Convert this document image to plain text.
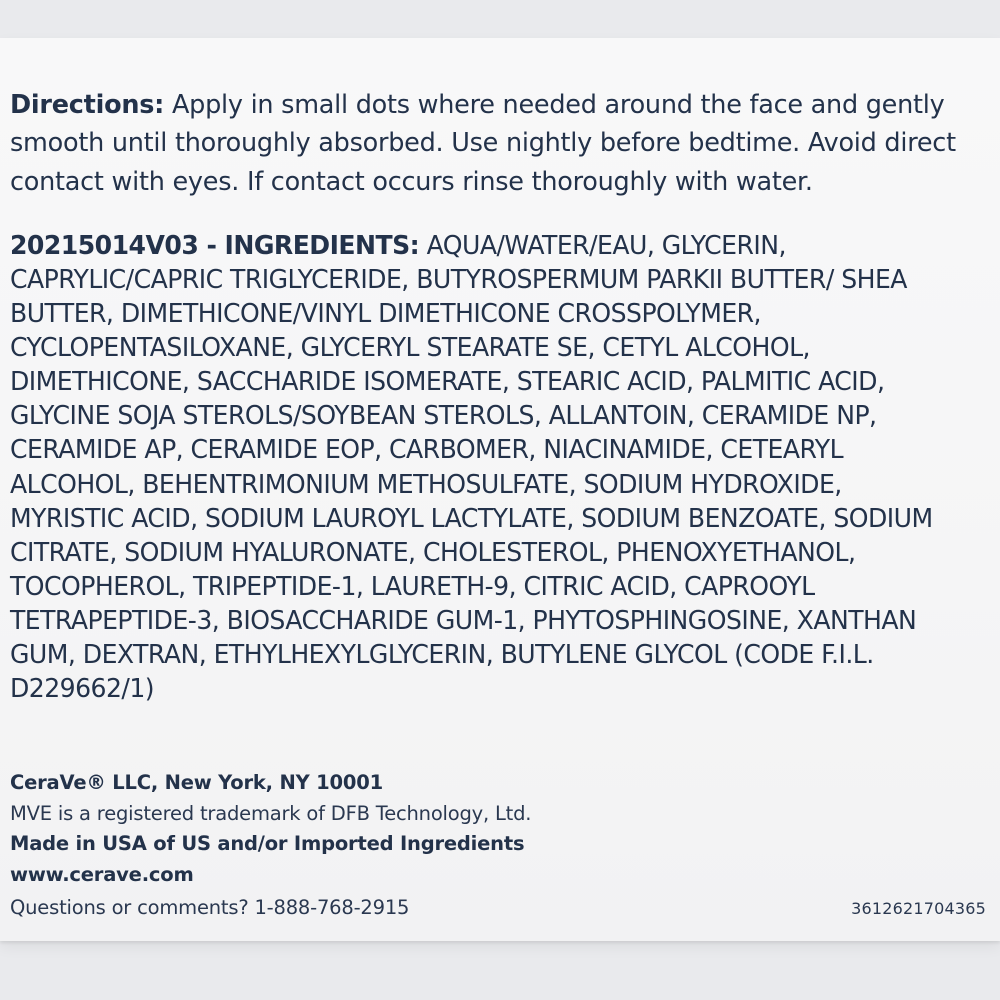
Directions: Apply in small dots where needed around the face and gently smooth until thoroughly absorbed. Use nightly before bedtime. Avoid direct contact with eyes. If contact occurs rinse thoroughly with water.

20215014V03 - INGREDIENTS: AQUA/WATER/EAU, GLYCERIN, CAPRYLIC/CAPRIC TRIGLYCERIDE, BUTYROSPERMUM PARKII BUTTER/ SHEA BUTTER, DIMETHICONE/VINYL DIMETHICONE CROSSPOLYMER, CYCLOPENTASILOXANE, GLYCERYL STEARATE SE, CETYL ALCOHOL, DIMETHICONE, SACCHARIDE ISOMERATE, STEARIC ACID, PALMITIC ACID, GLYCINE SOJA STEROLS/SOYBEAN STEROLS, ALLANTOIN, CERAMIDE NP, CERAMIDE AP, CERAMIDE EOP, CARBOMER, NIACINAMIDE, CETEARYL ALCOHOL, BEHENTRIMONIUM METHOSULFATE, SODIUM HYDROXIDE, MYRISTIC ACID, SODIUM LAUROYL LACTYLATE, SODIUM BENZOATE, SODIUM CITRATE, SODIUM HYALURONATE, CHOLESTEROL, PHENOXYETHANOL, TOCOPHEROL, TRIPEPTIDE-1, LAURETH-9, CITRIC ACID, CAPROOYL TETRAPEPTIDE-3, BIOSACCHARIDE GUM-1, PHYTOSPHINGOSINE, XANTHAN GUM, DEXTRAN, ETHYLHEXYLGLYCERIN, BUTYLENE GLYCOL (CODE F.I.L. D229662/1)

CeraVe® LLC, New York, NY 10001
MVE is a registered trademark of DFB Technology, Ltd.
Made in USA of US and/or Imported Ingredients
www.cerave.com
Questions or comments? 1-888-768-2915	3612621704365
